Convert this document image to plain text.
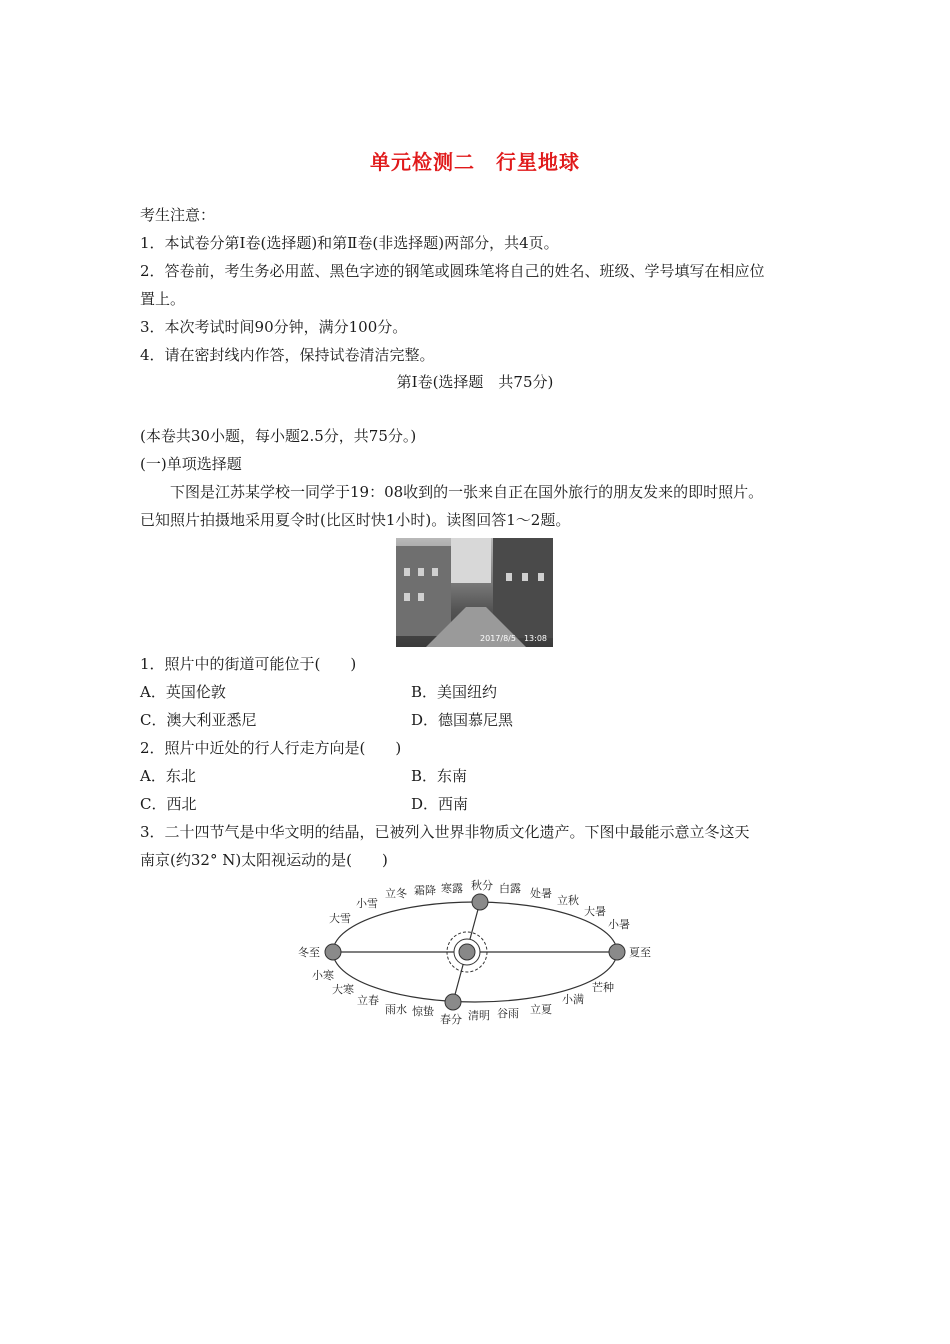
单元检测二　行星地球
考生注意：
1．本试卷分第Ⅰ卷(选择题)和第Ⅱ卷(非选择题)两部分，共4页。
2．答卷前，考生务必用蓝、黑色字迹的钢笔或圆珠笔将自己的姓名、班级、学号填写在相应位
置上。
3．本次考试时间90分钟，满分100分。
4．请在密封线内作答，保持试卷清洁完整。
第Ⅰ卷(选择题　共75分)
(本卷共30小题，每小题2.5分，共75分。)
(一)单项选择题
　　下图是江苏某学校一同学于19：08收到的一张来自正在国外旅行的朋友发来的即时照片。
已知照片拍摄地采用夏令时(比区时快1小时)。读图回答1～2题。
2017/8/5　13:08
1．照片中的街道可能位于(　　)
A．英国伦敦	B．美国纽约
C．澳大利亚悉尼	D．德国慕尼黑
2．照片中近处的行人行走方向是(　　)
A．东北	B．东南
C．西北	D．西南
3．二十四节气是中华文明的结晶，已被列入世界非物质文化遗产。下图中最能示意立冬这天
南京(约32° N)太阳视运动的是(　　)
冬至	夏至
秋分
春分
大雪
小雪
立冬 霜降 寒露	白露 处暑
立秋
大暑
小暑
小寒
大寒
立春
雨水 惊蛰	清明 谷雨 立夏
小满
芒种
